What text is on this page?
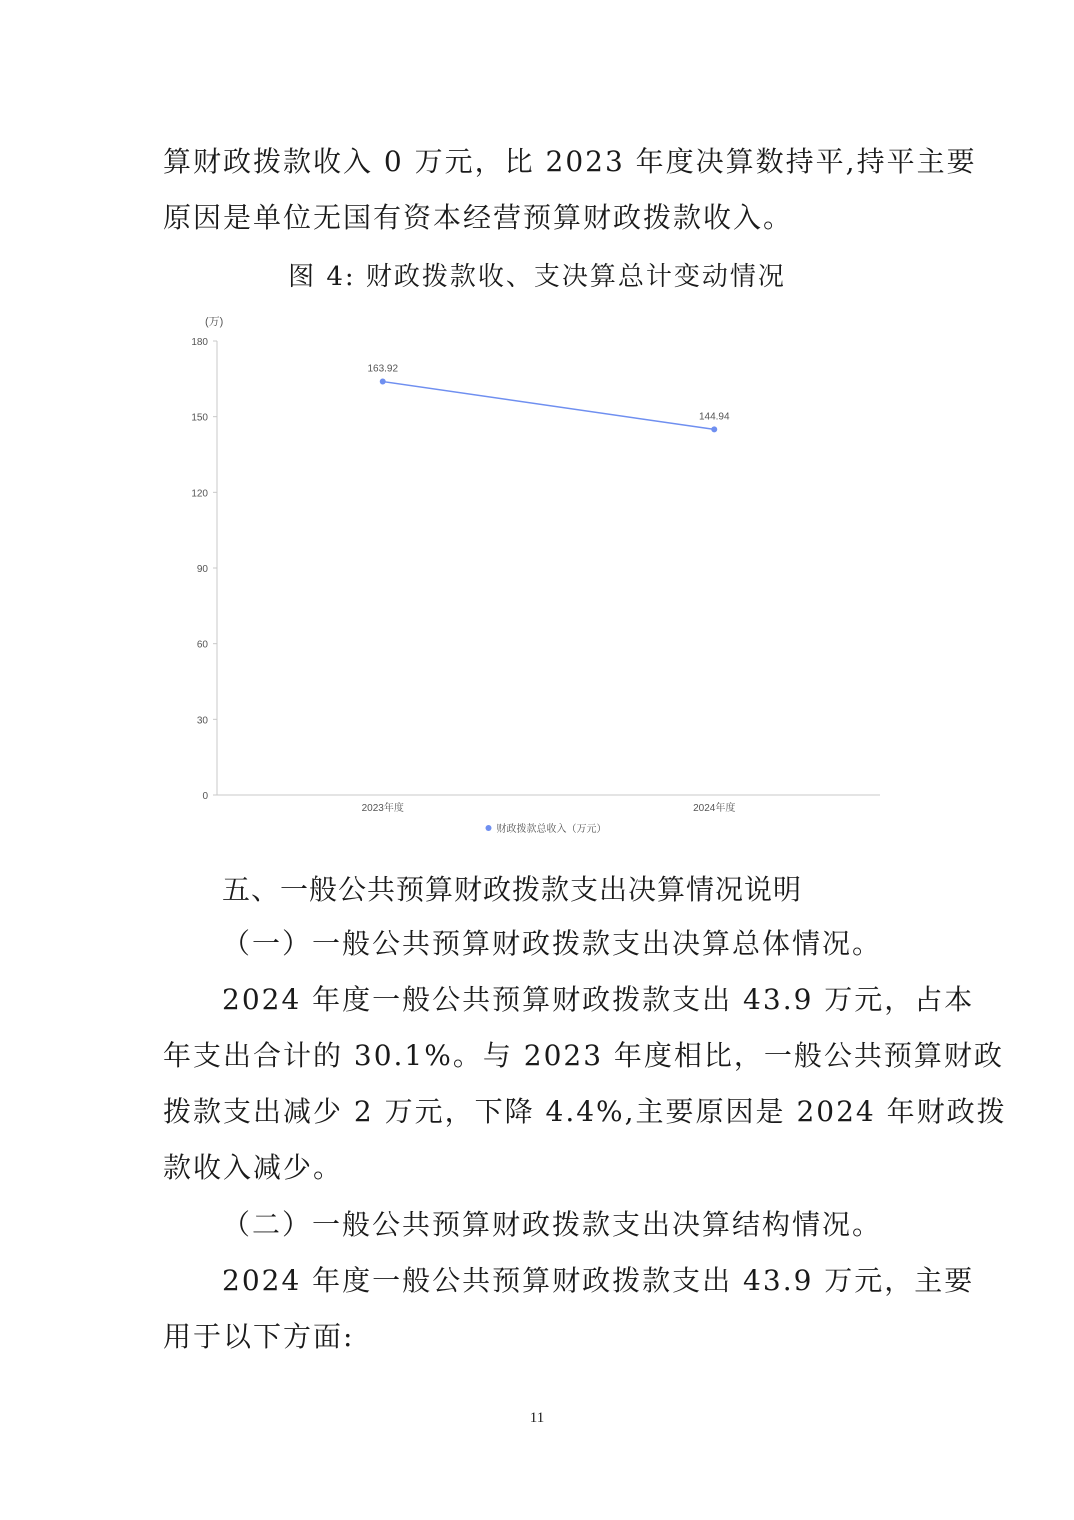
算财政拨款收入 0 万元，比 2023 年度决算数持平,持平主要

原因是单位无国有资本经营预算财政拨款收入。

图 4: 财政拨款收、支决算总计变动情况
(万)
0
30
60
90
120
150
180
2023年度	2024年度
163.92
144.94
财政拨款总收入（万元）
五、一般公共预算财政拨款支出决算情况说明
（一）一般公共预算财政拨款支出决算总体情况。

2024 年度一般公共预算财政拨款支出 43.9 万元，占本

年支出合计的 30.1%。与 2023 年度相比，一般公共预算财政

拨款支出减少 2 万元，下降 4.4%,主要原因是 2024 年财政拨

款收入减少。

（二）一般公共预算财政拨款支出决算结构情况。

2024 年度一般公共预算财政拨款支出 43.9 万元，主要

用于以下方面:

11
